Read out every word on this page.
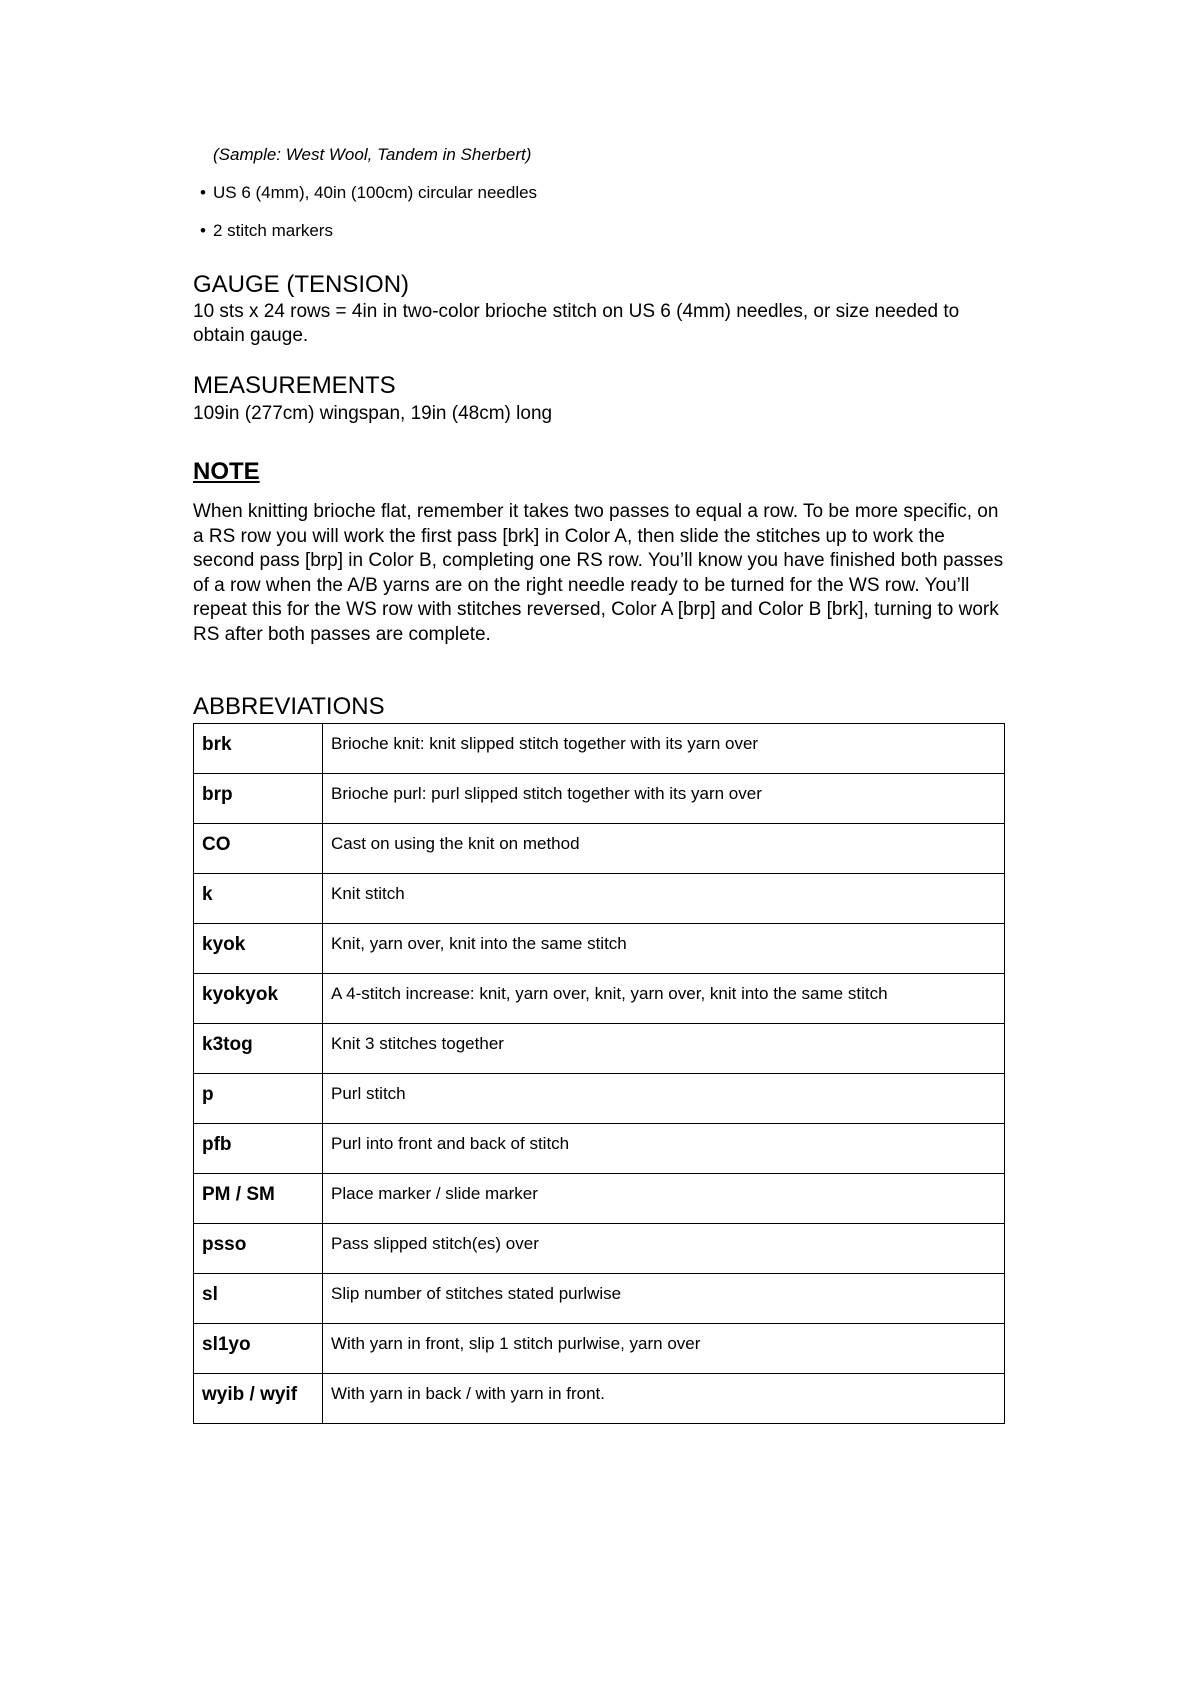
(Sample: West Wool, Tandem in Sherbert)
• US 6 (4mm), 40in (100cm) circular needles
• 2 stitch markers
GAUGE (TENSION)

10 sts x 24 rows = 4in in two-color brioche stitch on US 6 (4mm) needles, or size needed to obtain gauge.

MEASUREMENTS

109in (277cm) wingspan, 19in (48cm) long

NOTE

When knitting brioche flat, remember it takes two passes to equal a row. To be more specific, on a RS row you will work the first pass [brk] in Color A, then slide the stitches up to work the second pass [brp] in Color B, completing one RS row. You’ll know you have finished both passes of a row when the A/B yarns are on the right needle ready to be turned for the WS row. You’ll repeat this for the WS row with stitches reversed, Color A [brp] and Color B [brk], turning to work RS after both passes are complete.

ABBREVIATIONS
brk	Brioche knit: knit slipped stitch together with its yarn over
brp	Brioche purl: purl slipped stitch together with its yarn over
CO	Cast on using the knit on method
k	Knit stitch
kyok	Knit, yarn over, knit into the same stitch
kyokyok	A 4-stitch increase: knit, yarn over, knit, yarn over, knit into the same stitch
k3tog	Knit 3 stitches together
p	Purl stitch
pfb	Purl into front and back of stitch
PM / SM	Place marker / slide marker
psso	Pass slipped stitch(es) over
sl	Slip number of stitches stated purlwise
sl1yo	With yarn in front, slip 1 stitch purlwise, yarn over
wyib / wyif	With yarn in back / with yarn in front.
